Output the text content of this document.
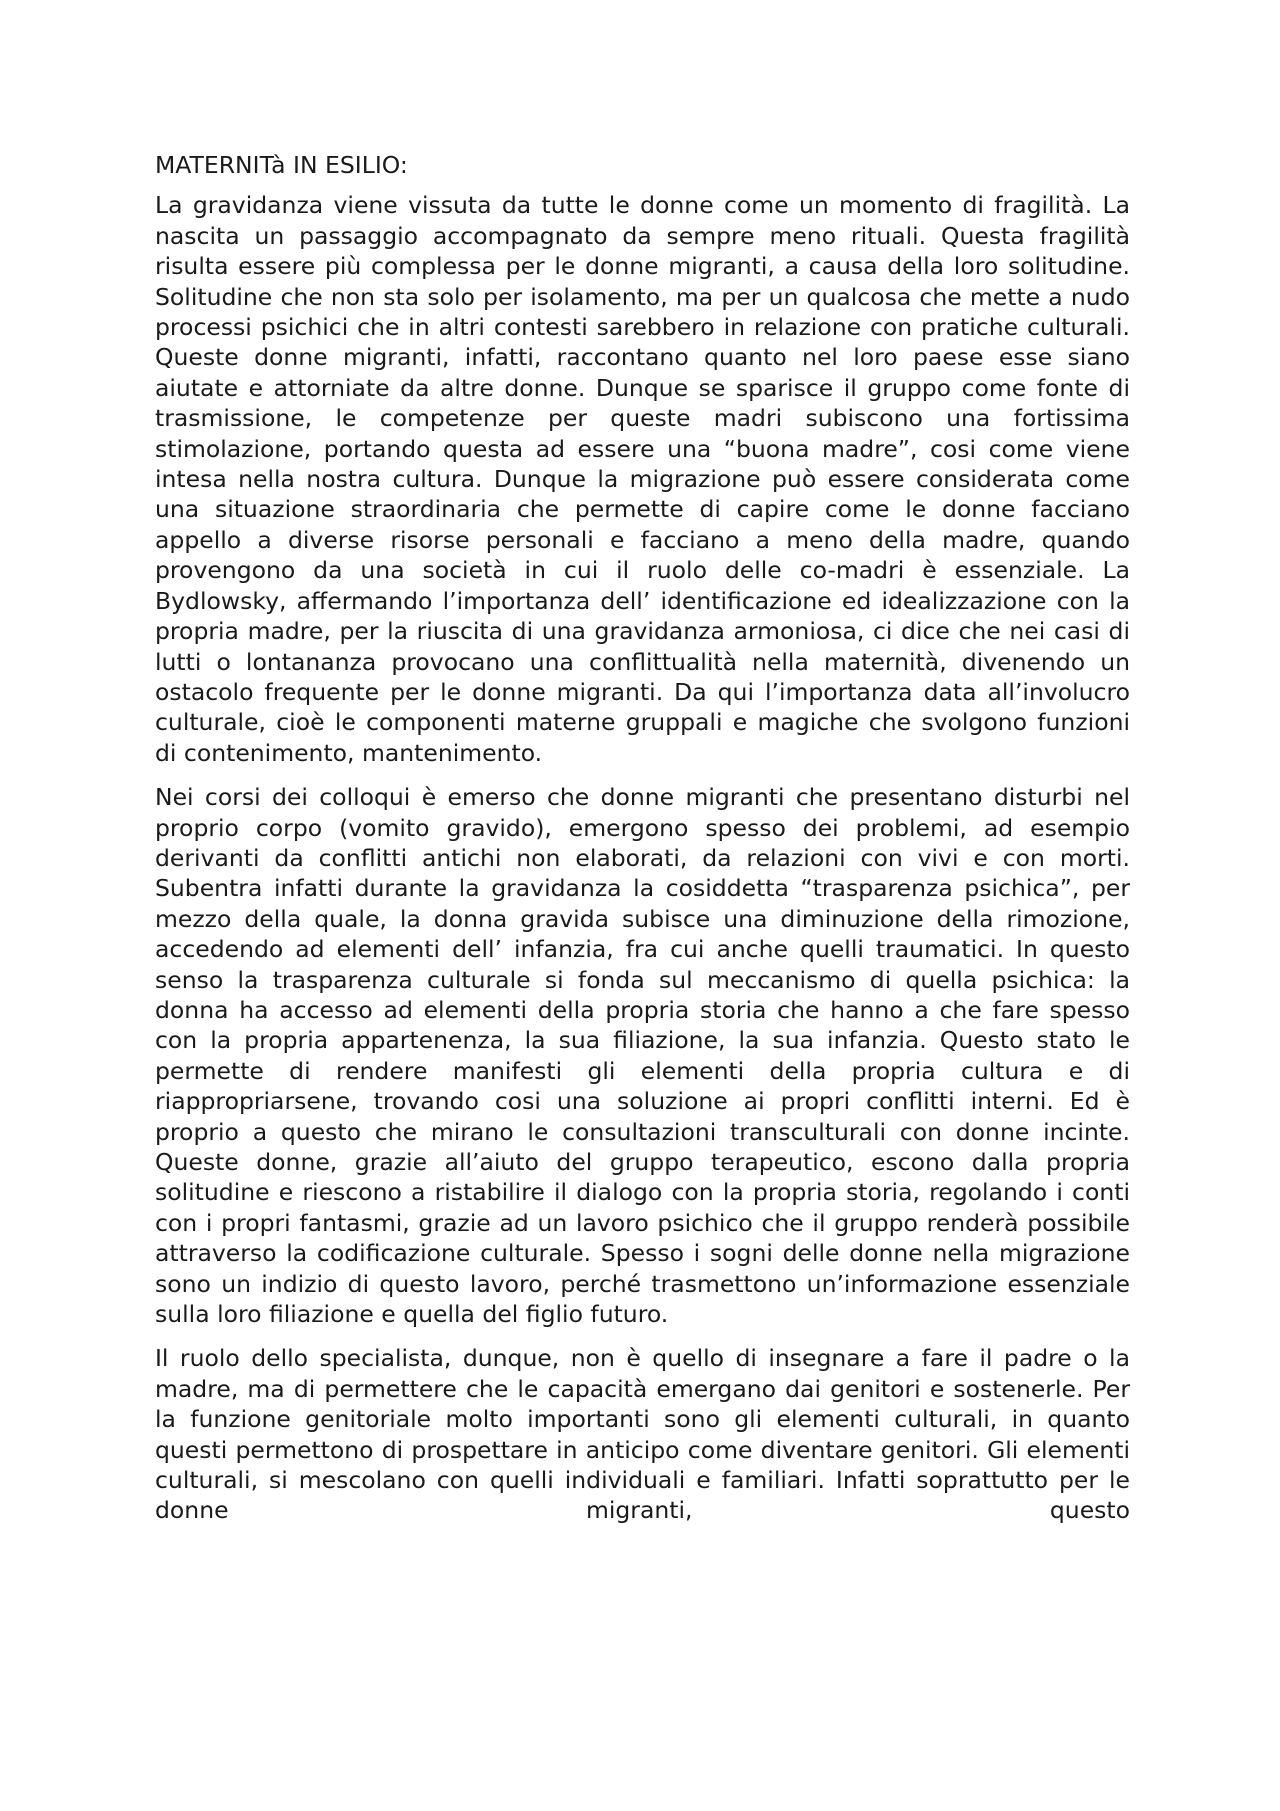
MATERNITà IN ESILIO:

La gravidanza viene vissuta da tutte le donne come un momento di fragilità. La nascita un passaggio accompagnato da sempre meno rituali. Questa fragilità risulta essere più complessa per le donne migranti, a causa della loro solitudine. Solitudine che non sta solo per isolamento, ma per un qualcosa che mette a nudo processi psichici che in altri contesti sarebbero in relazione con pratiche culturali. Queste donne migranti, infatti, raccontano quanto nel loro paese esse siano aiutate e attorniate da altre donne. Dunque se sparisce il gruppo come fonte di trasmissione, le competenze per queste madri subiscono una fortissima stimolazione, portando questa ad essere una “buona madre”, cosi come viene intesa nella nostra cultura. Dunque la migrazione può essere considerata come una situazione straordinaria che permette di capire come le donne facciano appello a diverse risorse personali e facciano a meno della madre, quando provengono da una società in cui il ruolo delle co-madri è essenziale. La Bydlowsky, affermando l’importanza dell’ identificazione ed idealizzazione con la propria madre, per la riuscita di una gravidanza armoniosa, ci dice che nei casi di lutti o lontananza provocano una conflittualità nella maternità, divenendo un ostacolo frequente per le donne migranti. Da qui l’importanza data all’involucro culturale, cioè le componenti materne gruppali e magiche che svolgono funzioni di contenimento, mantenimento.

Nei corsi dei colloqui è emerso che donne migranti che presentano disturbi nel proprio corpo (vomito gravido), emergono spesso dei problemi, ad esempio derivanti da conflitti antichi non elaborati, da relazioni con vivi e con morti. Subentra infatti durante la gravidanza la cosiddetta “trasparenza psichica”, per mezzo della quale, la donna gravida subisce una diminuzione della rimozione, accedendo ad elementi dell’ infanzia, fra cui anche quelli traumatici. In questo senso la trasparenza culturale si fonda sul meccanismo di quella psichica: la donna ha accesso ad elementi della propria storia che hanno a che fare spesso con la propria appartenenza, la sua filiazione, la sua infanzia. Questo stato le permette di rendere manifesti gli elementi della propria cultura e di riappropriarsene, trovando cosi una soluzione ai propri conflitti interni. Ed è proprio a questo che mirano le consultazioni transculturali con donne incinte. Queste donne, grazie all’aiuto del gruppo terapeutico, escono dalla propria solitudine e riescono a ristabilire il dialogo con la propria storia, regolando i conti con i propri fantasmi, grazie ad un lavoro psichico che il gruppo renderà possibile attraverso la codificazione culturale. Spesso i sogni delle donne nella migrazione sono un indizio di questo lavoro, perché trasmettono un’informazione essenziale sulla loro filiazione e quella del figlio futuro.

Il ruolo dello specialista, dunque, non è quello di insegnare a fare il padre o la madre, ma di permettere che le capacità emergano dai genitori e sostenerle. Per la funzione genitoriale molto importanti sono gli elementi culturali, in quanto questi permettono di prospettare in anticipo come diventare genitori. Gli elementi culturali, si mescolano con quelli individuali e familiari. Infatti soprattutto per le donne migranti, questo
